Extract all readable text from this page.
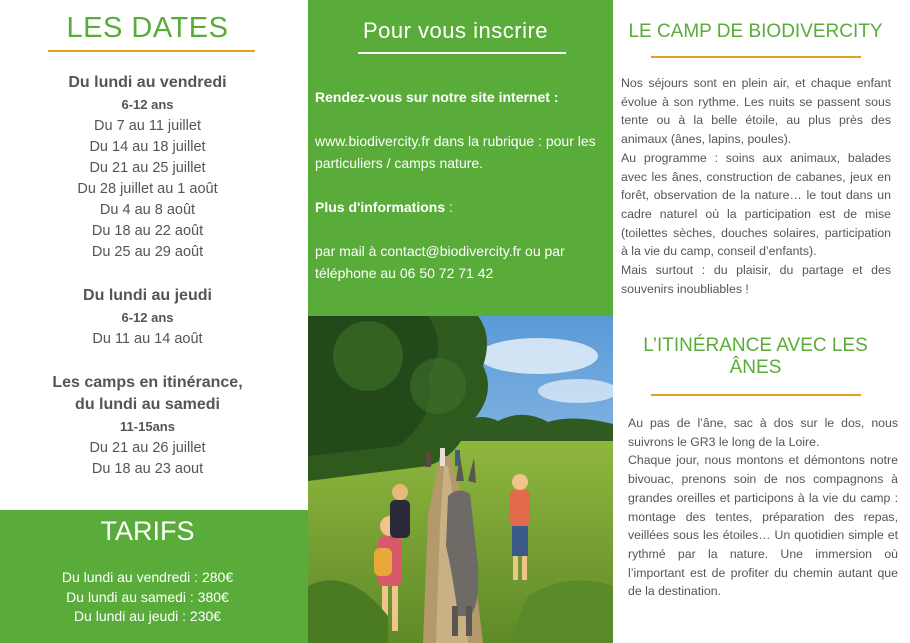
LES DATES
Du lundi au vendredi
6-12 ans
Du 7 au 11 juillet
Du 14 au 18 juillet
Du 21 au 25 juillet
Du 28 juillet au 1 août
Du 4 au 8 août
Du 18 au 22 août
Du 25 au 29 août
Du lundi au jeudi
6-12 ans
Du 11 au 14 août
Les camps en itinérance,
du lundi au samedi
11-15ans
Du 21 au 26 juillet
Du 18 au 23 aout
TARIFS
Du lundi au vendredi : 280€
Du lundi au samedi : 380€
Du lundi au jeudi : 230€
Pour vous inscrire
Rendez-vous sur notre site internet :
www.biodivercity.fr dans la rubrique : pour les particuliers / camps nature.
Plus d'informations :
par mail à contact@biodivercity.fr ou par téléphone au 06 50 72 71 42
LE CAMP DE BIODIVERCITY
Nos séjours sont en plein air, et chaque enfant évolue à son rythme. Les nuits se passent sous tente ou à la belle étoile, au plus près des animaux (ânes, lapins, poules).
Au programme : soins aux animaux, balades avec les ânes, construction de cabanes, jeux en forêt, observation de la nature… le tout dans un cadre naturel où la participation est de mise (toilettes sèches, douches solaires, participation à la vie du camp, conseil d’enfants).
Mais surtout : du plaisir, du partage et des souvenirs inoubliables !
L’ITINÉRANCE AVEC LES
ÂNES
Au pas de l’âne, sac à dos sur le dos, nous suivrons le GR3 le long de la Loire.
Chaque jour, nous montons et démontons notre bivouac, prenons soin de nos compagnons à grandes oreilles et participons à la vie du camp : montage des tentes, préparation des repas, veillées sous les étoiles… Un quotidien simple et rythmé par la nature. Une immersion où l’important est de profiter du chemin autant que de la destination.
